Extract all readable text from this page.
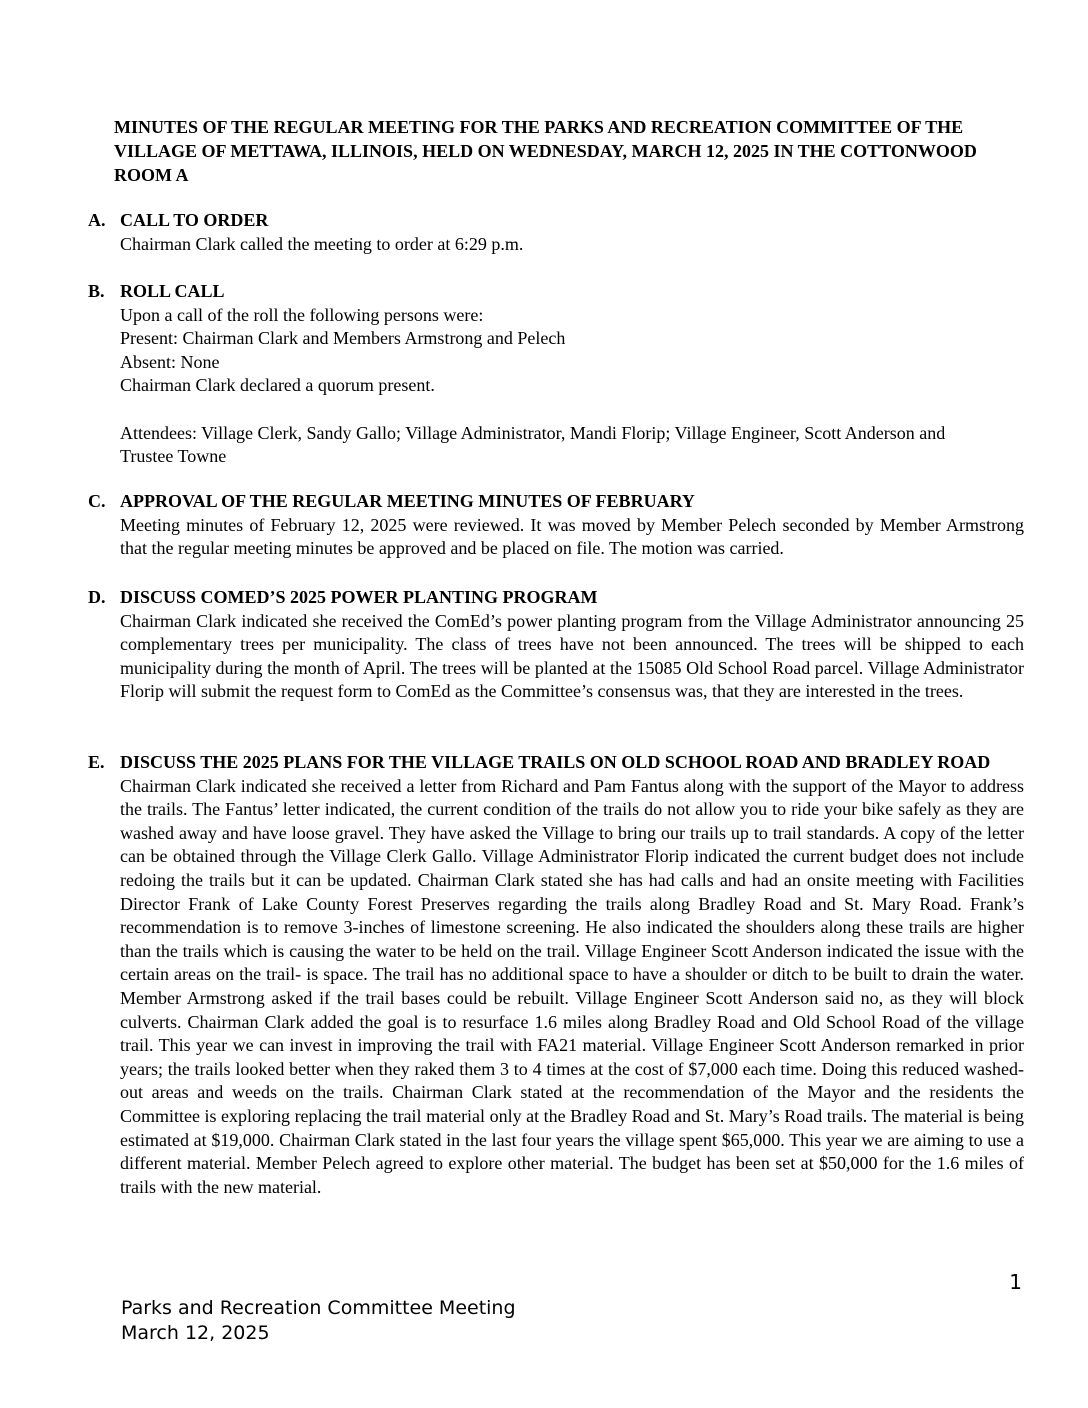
MINUTES OF THE REGULAR MEETING FOR THE PARKS AND RECREATION COMMITTEE OF THE VILLAGE OF METTAWA, ILLINOIS, HELD ON WEDNESDAY, MARCH 12, 2025 IN THE COTTONWOOD ROOM A
A. CALL TO ORDER

Chairman Clark called the meeting to order at 6:29 p.m.

B. ROLL CALL

Upon a call of the roll the following persons were:

Present: Chairman Clark and Members Armstrong and Pelech

Absent: None

Chairman Clark declared a quorum present.

Attendees: Village Clerk, Sandy Gallo; Village Administrator, Mandi Florip; Village Engineer, Scott Anderson and Trustee Towne

C. APPROVAL OF THE REGULAR MEETING MINUTES OF FEBRUARY

Meeting minutes of February 12, 2025 were reviewed. It was moved by Member Pelech seconded by Member Armstrong that the regular meeting minutes be approved and be placed on file. The motion was carried.

D. DISCUSS COMED’S 2025 POWER PLANTING PROGRAM

Chairman Clark indicated she received the ComEd’s power planting program from the Village Administrator announcing 25 complementary trees per municipality. The class of trees have not been announced. The trees will be shipped to each municipality during the month of April. The trees will be planted at the 15085 Old School Road parcel. Village Administrator Florip will submit the request form to ComEd as the Committee’s consensus was, that they are interested in the trees.

E. DISCUSS THE 2025 PLANS FOR THE VILLAGE TRAILS ON OLD SCHOOL ROAD AND BRADLEY ROAD

Chairman Clark indicated she received a letter from Richard and Pam Fantus along with the support of the Mayor to address the trails. The Fantus’ letter indicated, the current condition of the trails do not allow you to ride your bike safely as they are washed away and have loose gravel. They have asked the Village to bring our trails up to trail standards. A copy of the letter can be obtained through the Village Clerk Gallo. Village Administrator Florip indicated the current budget does not include redoing the trails but it can be updated. Chairman Clark stated she has had calls and had an onsite meeting with Facilities Director Frank of Lake County Forest Preserves regarding the trails along Bradley Road and St. Mary Road. Frank’s recommendation is to remove 3-inches of limestone screening. He also indicated the shoulders along these trails are higher than the trails which is causing the water to be held on the trail. Village Engineer Scott Anderson indicated the issue with the certain areas on the trail- is space. The trail has no additional space to have a shoulder or ditch to be built to drain the water. Member Armstrong asked if the trail bases could be rebuilt. Village Engineer Scott Anderson said no, as they will block culverts. Chairman Clark added the goal is to resurface 1.6 miles along Bradley Road and Old School Road of the village trail. This year we can invest in improving the trail with FA21 material. Village Engineer Scott Anderson remarked in prior years; the trails looked better when they raked them 3 to 4 times at the cost of $7,000 each time. Doing this reduced washed-out areas and weeds on the trails. Chairman Clark stated at the recommendation of the Mayor and the residents the Committee is exploring replacing the trail material only at the Bradley Road and St. Mary’s Road trails. The material is being estimated at $19,000. Chairman Clark stated in the last four years the village spent $65,000. This year we are aiming to use a different material. Member Pelech agreed to explore other material. The budget has been set at $50,000 for the 1.6 miles of trails with the new material.

1
Parks and Recreation Committee Meeting
March 12, 2025
